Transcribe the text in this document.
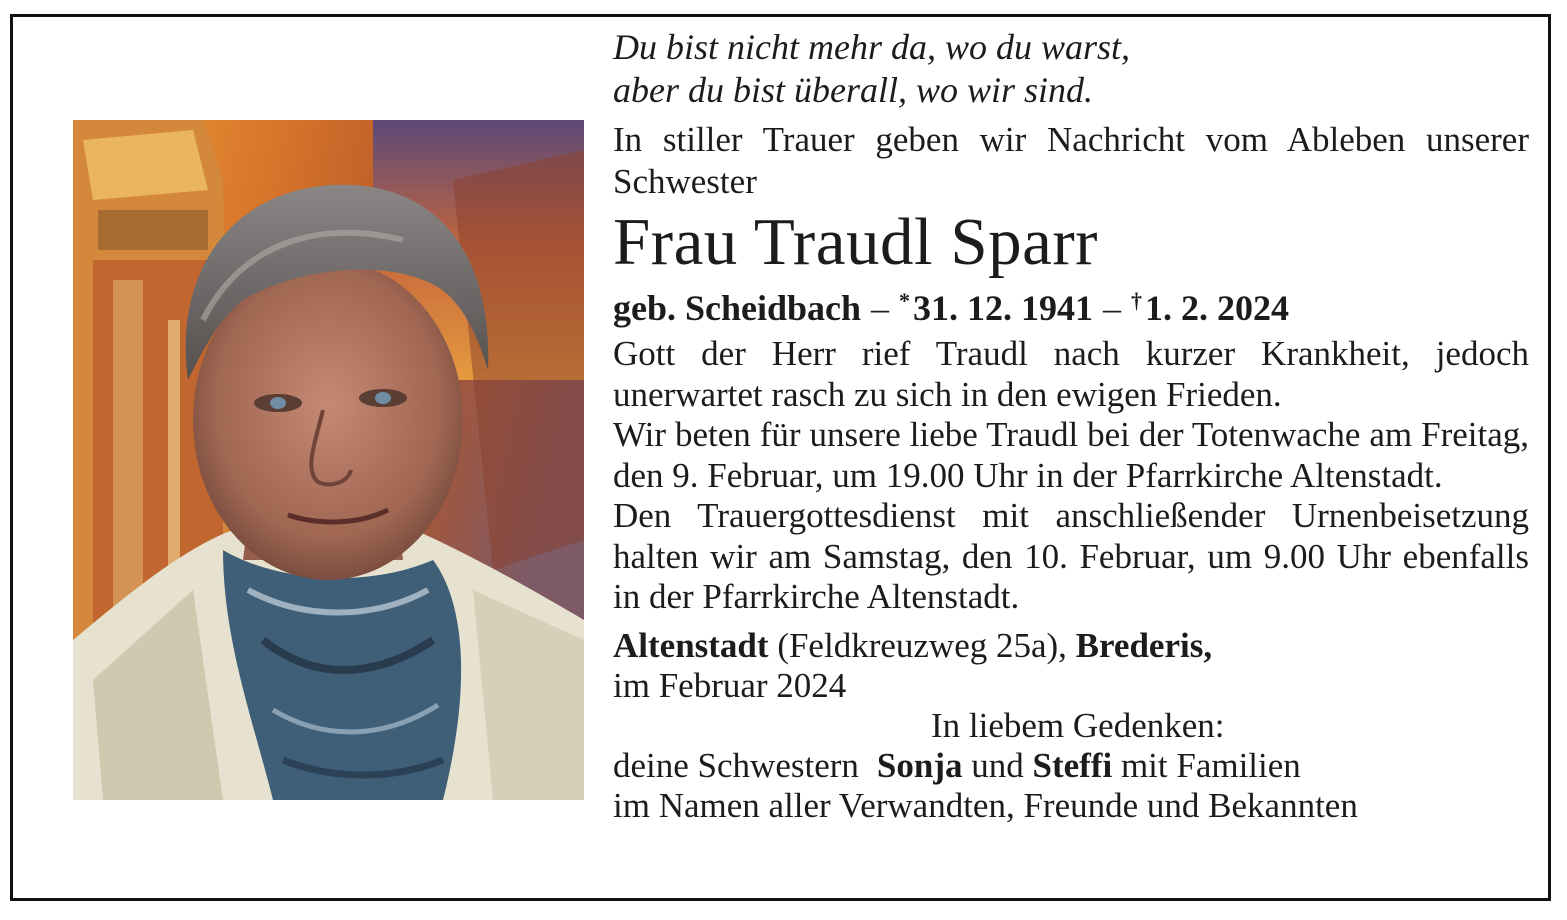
Du bist nicht mehr da, wo du warst,
aber du bist überall, wo wir sind.

In stiller Trauer geben wir Nachricht vom Ableben unserer Schwester

Frau Traudl Sparr

geb. Scheidbach – *31. 12. 1941 – †1. 2. 2024

Gott der Herr rief Traudl nach kurzer Krankheit, jedoch unerwartet rasch zu sich in den ewigen Frieden.

Wir beten für unsere liebe Traudl bei der Totenwache am Freitag, den 9. Februar, um 19.00 Uhr in der Pfarrkirche Altenstadt.

Den Trauergottesdienst mit anschließender Urnenbeisetzung halten wir am Samstag, den 10. Februar, um 9.00 Uhr ebenfalls in der Pfarrkirche Altenstadt.

Altenstadt (Feldkreuzweg 25a), Brederis,
im Februar 2024

In liebem Gedenken:

deine Schwestern Sonja und Steffi mit Familien

im Namen aller Verwandten, Freunde und Bekannten
